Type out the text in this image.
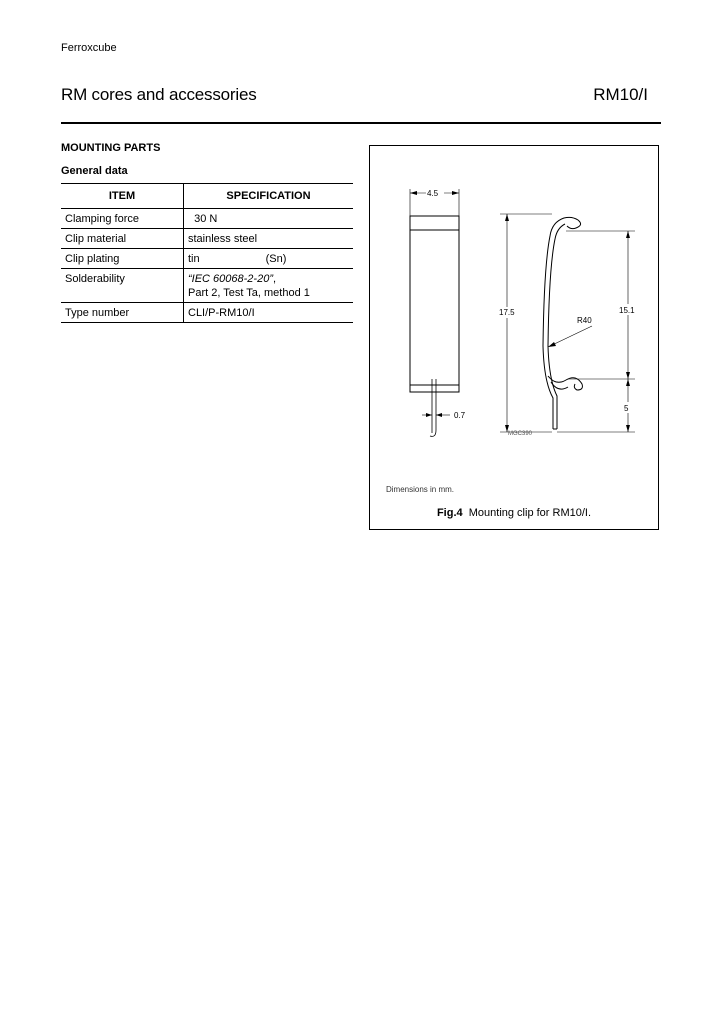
Ferroxcube
RM cores and accessories	RM10/I
MOUNTING PARTS
General data
ITEM	SPECIFICATION
Clamping force	30 N
Clip material	stainless steel
Clip plating	tin (Sn)
Solderability	“IEC 60068-2-20”,
Part 2, Test Ta, method 1
Type number	CLI/P-RM10/I
4.5
0.7
17.5
R40
15.1
5
MGC390
Dimensions in mm.
Fig.4 Mounting clip for RM10/I.
